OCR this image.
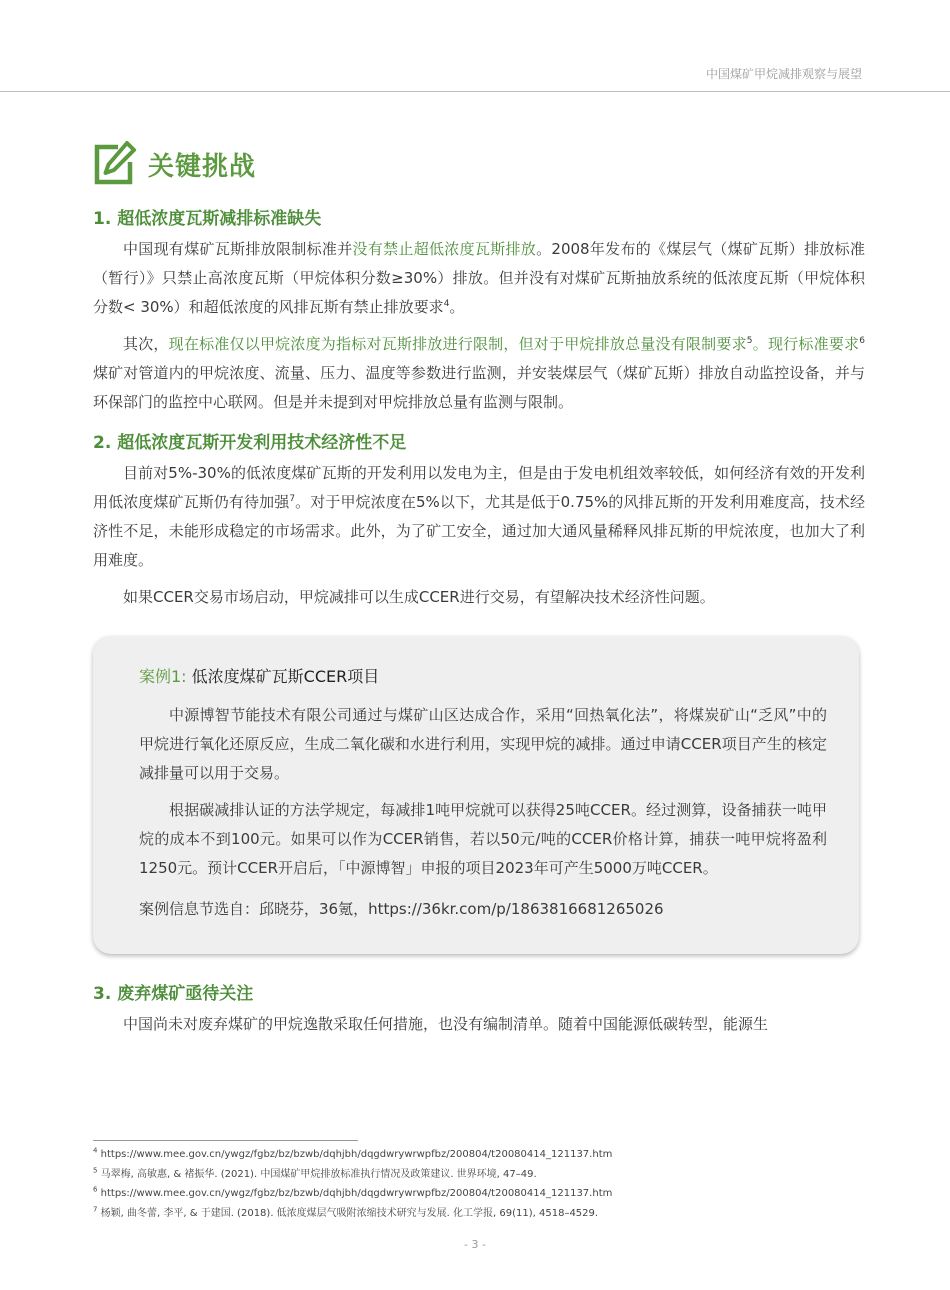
中国煤矿甲烷减排观察与展望
关键挑战
1. 超低浓度瓦斯减排标准缺失

中国现有煤矿瓦斯排放限制标准并没有禁止超低浓度瓦斯排放。2008年发布的《煤层气（煤矿瓦斯）排放标准（暂行）》只禁止高浓度瓦斯（甲烷体积分数≥30%）排放。但并没有对煤矿瓦斯抽放系统的低浓度瓦斯（甲烷体积分数< 30%）和超低浓度的风排瓦斯有禁止排放要求$^4$。

其次，现在标准仅以甲烷浓度为指标对瓦斯排放进行限制，但对于甲烷排放总量没有限制要求$^5$。现行标准要求$^6$煤矿对管道内的甲烷浓度、流量、压力、温度等参数进行监测，并安装煤层气（煤矿瓦斯）排放自动监控设备，并与环保部门的监控中心联网。但是并未提到对甲烷排放总量有监测与限制。

2. 超低浓度瓦斯开发利用技术经济性不足

目前对5%-30%的低浓度煤矿瓦斯的开发利用以发电为主，但是由于发电机组效率较低，如何经济有效的开发利用低浓度煤矿瓦斯仍有待加强$^7$。对于甲烷浓度在5%以下，尤其是低于0.75%的风排瓦斯的开发利用难度高，技术经济性不足，未能形成稳定的市场需求。此外，为了矿工安全，通过加大通风量稀释风排瓦斯的甲烷浓度，也加大了利用难度。

如果CCER交易市场启动，甲烷减排可以生成CCER进行交易，有望解决技术经济性问题。

案例1: 低浓度煤矿瓦斯CCER项目

中源博智节能技术有限公司通过与煤矿山区达成合作，采用“回热氧化法”，将煤炭矿山“乏风”中的甲烷进行氧化还原反应，生成二氧化碳和水进行利用，实现甲烷的减排。通过申请CCER项目产生的核定减排量可以用于交易。

根据碳减排认证的方法学规定，每减排1吨甲烷就可以获得25吨CCER。经过测算，设备捕获一吨甲烷的成本不到100元。如果可以作为CCER销售，若以50元/吨的CCER价格计算，捕获一吨甲烷将盈利1250元。预计CCER开启后，「中源博智」申报的项目2023年可产生5000万吨CCER。

案例信息节选自：邱晓芬，36氪，https://36kr.com/p/1863816681265026
3. 废弃煤矿亟待关注

中国尚未对废弃煤矿的甲烷逸散采取任何措施，也没有编制清单。随着中国能源低碳转型，能源生

$^4$ https://www.mee.gov.cn/ywgz/fgbz/bz/bzwb/dqhjbh/dqgdwrywrwpfbz/200804/t20080414_121137.htm
$^5$ 马翠梅, 高敏惠, & 褚振华. (2021). 中国煤矿甲烷排放标准执行情况及政策建议. 世界环境, 47–49.
$^6$ https://www.mee.gov.cn/ywgz/fgbz/bz/bzwb/dqhjbh/dqgdwrywrwpfbz/200804/t20080414_121137.htm
$^7$ 杨颖, 曲冬蕾, 李平, & 于建国. (2018). 低浓度煤层气吸附浓缩技术研究与发展. 化工学报, 69(11), 4518–4529.
- 3 -
